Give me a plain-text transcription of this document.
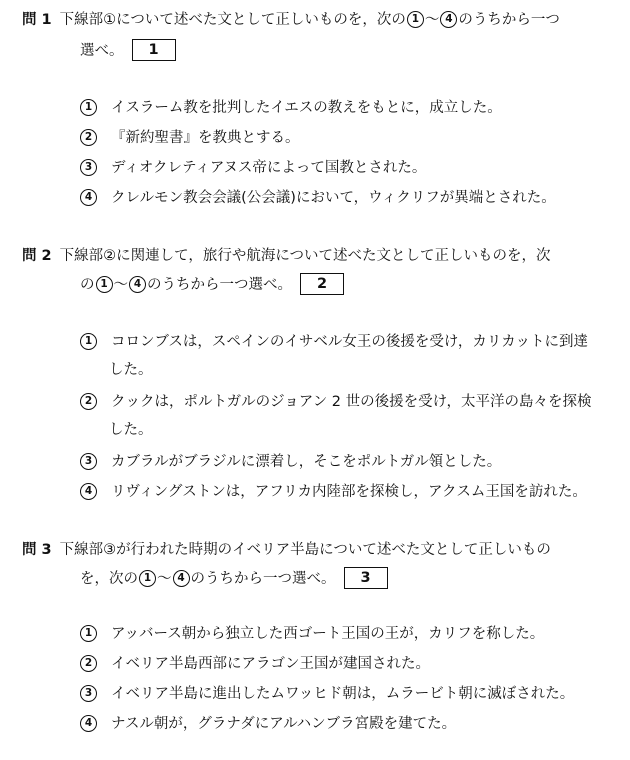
問 1 下線部①について述べた文として正しいものを，次の 1 〜 4 のうちから一つ
選べ。 1
1 イスラーム教を批判したイエスの教えをもとに，成立した。
2 『新約聖書』を教典とする。
3 ディオクレティアヌス帝によって国教とされた。
4 クレルモン教会会議(公会議)において，ウィクリフが異端とされた。
問 2 下線部②に関連して，旅行や航海について述べた文として正しいものを，次
の 1 〜 4 のうちから一つ選べ。 2
1 コロンブスは，スペインのイサベル女王の後援を受け，カリカットに到達
した。
2 クックは，ポルトガルのジョアン 2 世の後援を受け，太平洋の島々を探検
した。
3 カブラルがブラジルに漂着し，そこをポルトガル領とした。
4 リヴィングストンは，アフリカ内陸部を探検し，アクスム王国を訪れた。
問 3 下線部③が行われた時期のイベリア半島について述べた文として正しいもの
を，次の 1 〜 4 のうちから一つ選べ。 3
1 アッバース朝から独立した西ゴート王国の王が，カリフを称した。
2 イベリア半島西部にアラゴン王国が建国された。
3 イベリア半島に進出したムワッヒド朝は，ムラービト朝に滅ぼされた。
4 ナスル朝が，グラナダにアルハンブラ宮殿を建てた。
